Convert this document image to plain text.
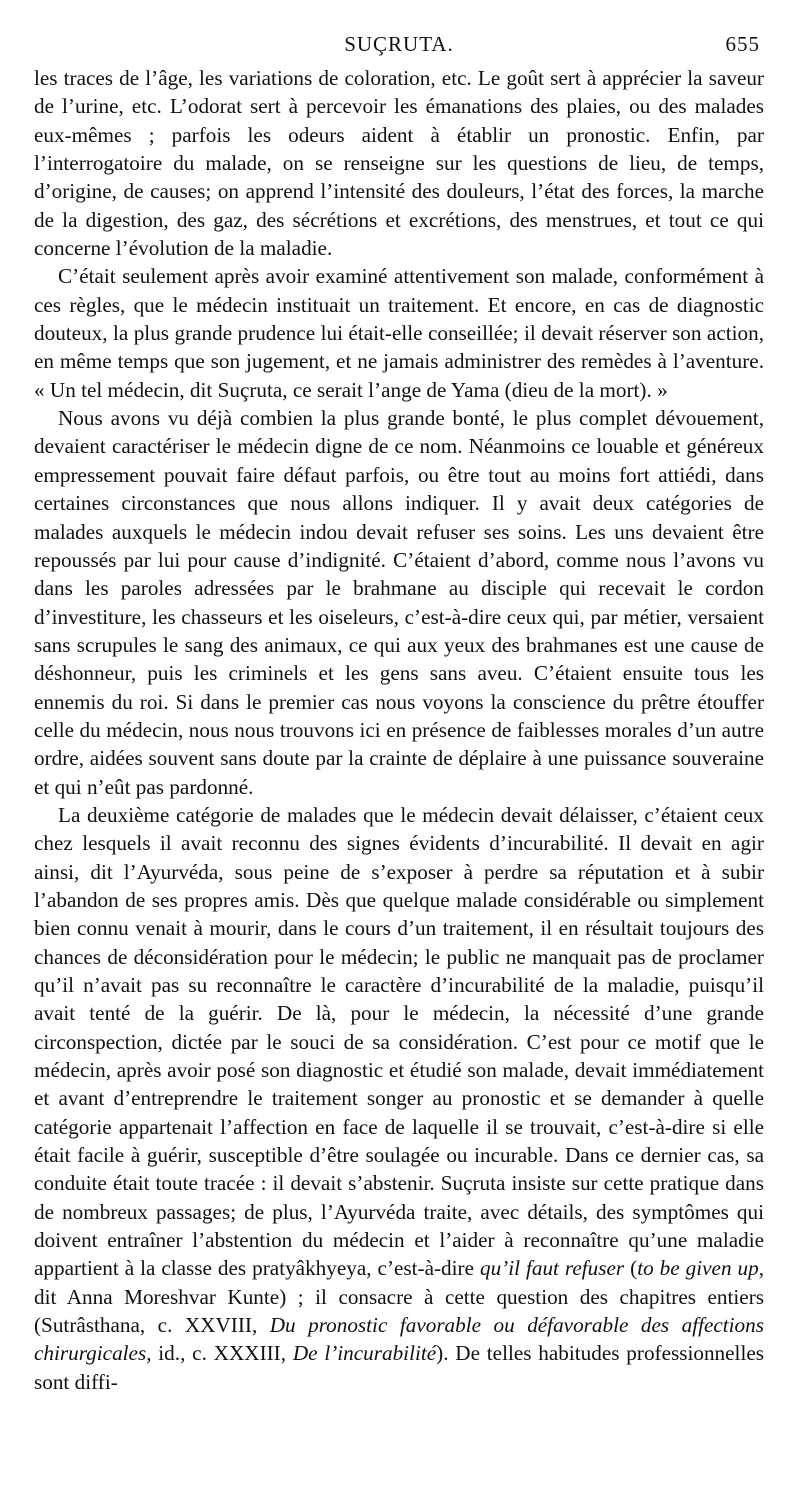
SUÇRUTA.	655

les traces de l’âge, les variations de coloration, etc. Le goût sert à apprécier la saveur de l’urine, etc. L’odorat sert à percevoir les émanations des plaies, ou des malades eux-mêmes ; parfois les odeurs aident à établir un pronostic. Enfin, par l’interrogatoire du malade, on se renseigne sur les questions de lieu, de temps, d’origine, de causes; on apprend l’intensité des douleurs, l’état des forces, la marche de la digestion, des gaz, des sécrétions et excrétions, des menstrues, et tout ce qui concerne l’évolution de la maladie.

C’était seulement après avoir examiné attentivement son malade, conformément à ces règles, que le médecin instituait un traitement. Et encore, en cas de diagnostic douteux, la plus grande prudence lui était-elle conseillée; il devait réserver son action, en même temps que son jugement, et ne jamais administrer des remèdes à l’aventure. « Un tel médecin, dit Suçruta, ce serait l’ange de Yama (dieu de la mort). »

Nous avons vu déjà combien la plus grande bonté, le plus complet dévouement, devaient caractériser le médecin digne de ce nom. Néanmoins ce louable et généreux empressement pouvait faire défaut parfois, ou être tout au moins fort attiédi, dans certaines circonstances que nous allons indiquer. Il y avait deux catégories de malades auxquels le médecin indou devait refuser ses soins. Les uns devaient être repoussés par lui pour cause d’indignité. C’étaient d’abord, comme nous l’avons vu dans les paroles adressées par le brahmane au disciple qui recevait le cordon d’investiture, les chasseurs et les oiseleurs, c’est-à-dire ceux qui, par métier, versaient sans scrupules le sang des animaux, ce qui aux yeux des brahmanes est une cause de déshonneur, puis les criminels et les gens sans aveu. C’étaient ensuite tous les ennemis du roi. Si dans le premier cas nous voyons la conscience du prêtre étouffer celle du médecin, nous nous trouvons ici en présence de faiblesses morales d’un autre ordre, aidées souvent sans doute par la crainte de déplaire à une puissance souveraine et qui n’eût pas pardonné.

La deuxième catégorie de malades que le médecin devait délaisser, c’étaient ceux chez lesquels il avait reconnu des signes évidents d’incurabilité. Il devait en agir ainsi, dit l’Ayurvéda, sous peine de s’exposer à perdre sa réputation et à subir l’abandon de ses propres amis. Dès que quelque malade considérable ou simplement bien connu venait à mourir, dans le cours d’un traitement, il en résultait toujours des chances de déconsidération pour le médecin; le public ne manquait pas de proclamer qu’il n’avait pas su reconnaître le caractère d’incurabilité de la maladie, puisqu’il avait tenté de la guérir. De là, pour le médecin, la nécessité d’une grande circonspection, dictée par le souci de sa considération. C’est pour ce motif que le médecin, après avoir posé son diagnostic et étudié son malade, devait immédiatement et avant d’entreprendre le traitement songer au pronostic et se demander à quelle catégorie appartenait l’affection en face de laquelle il se trouvait, c’est-à-dire si elle était facile à guérir, susceptible d’être soulagée ou incurable. Dans ce dernier cas, sa conduite était toute tracée : il devait s’abstenir. Suçruta insiste sur cette pratique dans de nombreux passages; de plus, l’Ayurvéda traite, avec détails, des symptômes qui doivent entraîner l’abstention du médecin et l’aider à reconnaître qu’une maladie appartient à la classe des pratyâkhyeya, c’est-à-dire qu’il faut refuser (to be given up, dit Anna Moreshvar Kunte) ; il consacre à cette question des chapitres entiers (Sutrâsthana, c. XXVIII, Du pronostic favorable ou défavorable des affections chirurgicales, id., c. XXXIII, De l’incurabilité). De telles habitudes professionnelles sont diffi-
